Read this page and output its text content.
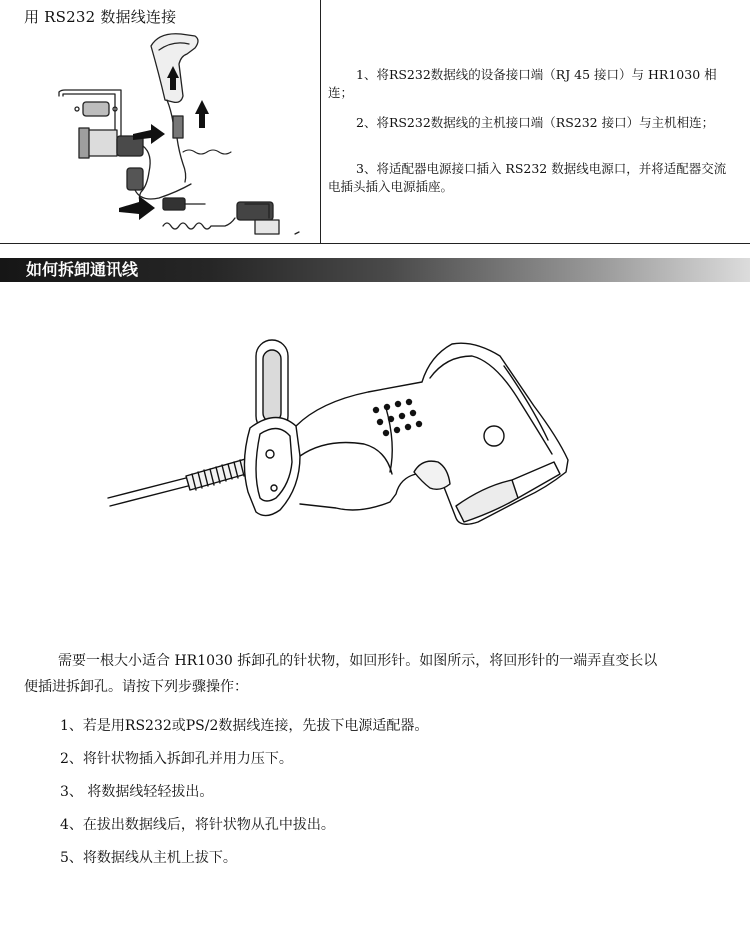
用 RS232 数据线连接
1、将RS232数据线的设备接口端（RJ 45 接口）与 HR1030 相连；
2、将RS232数据线的主机接口端（RS232 接口）与主机相连；
3、将适配器电源接口插入 RS232 数据线电源口，并将适配器交流电插头插入电源插座。
如何拆卸通讯线
需要一根大小适合 HR1030 拆卸孔的针状物，如回形针。如图所示，将回形针的一端弄直变长以便插进拆卸孔。请按下列步骤操作：
1、若是用RS232或PS/2数据线连接，先拔下电源适配器。
2、将针状物插入拆卸孔并用力压下。
3、 将数据线轻轻拔出。
4、在拔出数据线后，将针状物从孔中拔出。
5、将数据线从主机上拔下。
